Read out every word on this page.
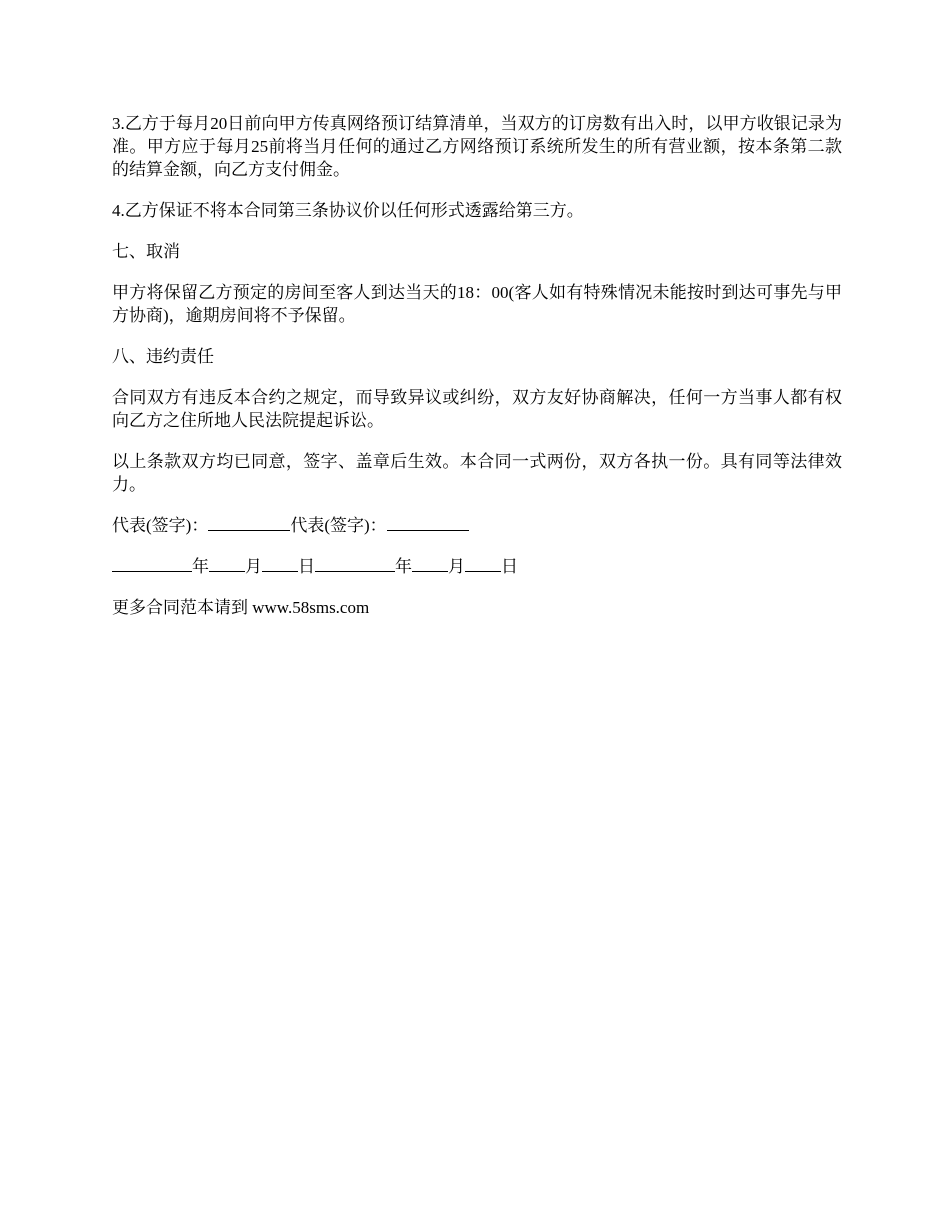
3.乙方于每月20日前向甲方传真网络预订结算清单，当双方的订房数有出入时，以甲方收银记录为准。甲方应于每月25前将当月任何的通过乙方网络预订系统所发生的所有营业额，按本条第二款的结算金额，向乙方支付佣金。

4.乙方保证不将本合同第三条协议价以任何形式透露给第三方。

七、取消

甲方将保留乙方预定的房间至客人到达当天的18：00(客人如有特殊情况未能按时到达可事先与甲方协商)，逾期房间将不予保留。

八、违约责任

合同双方有违反本合约之规定，而导致异议或纠纷，双方友好协商解决，任何一方当事人都有权向乙方之住所地人民法院提起诉讼。

以上条款双方均已同意，签字、盖章后生效。本合同一式两份，双方各执一份。具有同等法律效力。

代表(签字)：	代表(签字)：
年 月 日	年 月 日
更多合同范本请到 www.58sms.com
